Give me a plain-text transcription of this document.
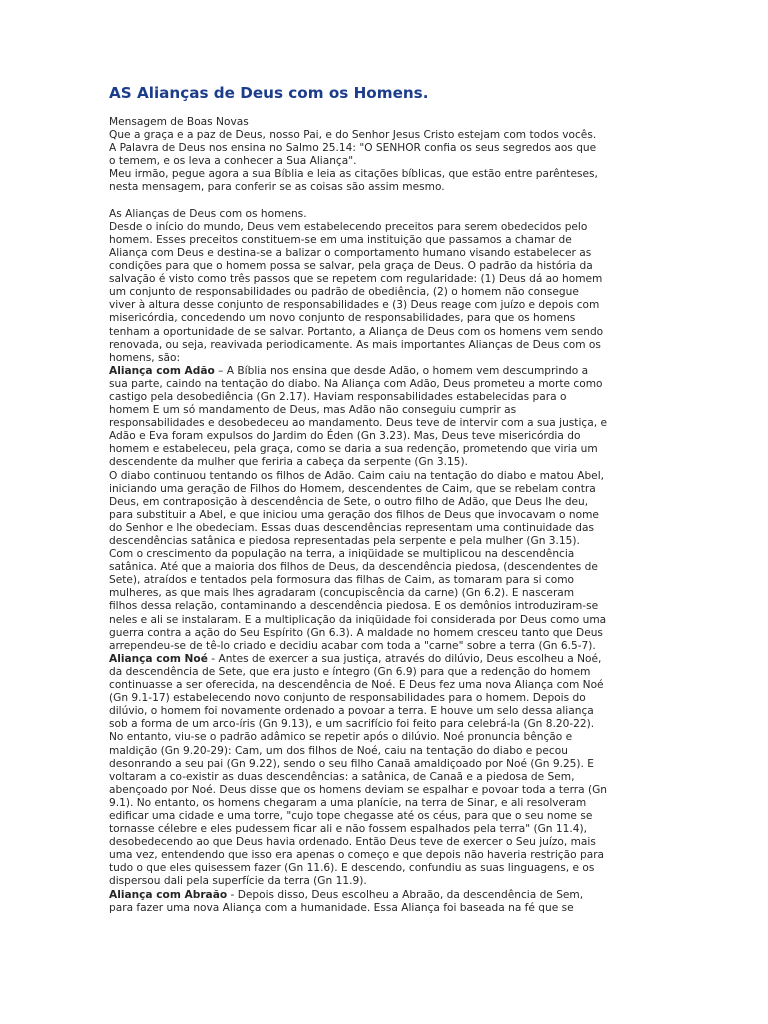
AS Alianças de Deus com os Homens.
Mensagem de Boas Novas
Que a graça e a paz de Deus, nosso Pai, e do Senhor Jesus Cristo estejam com todos vocês.
A Palavra de Deus nos ensina no Salmo 25.14: "O SENHOR confia os seus segredos aos que
o temem, e os leva a conhecer a Sua Aliança".
Meu irmão, pegue agora a sua Bíblia e leia as citações bíblicas, que estão entre parênteses,
nesta mensagem, para conferir se as coisas são assim mesmo.
As Alianças de Deus com os homens.
Desde o início do mundo, Deus vem estabelecendo preceitos para serem obedecidos pelo
homem. Esses preceitos constituem-se em uma instituição que passamos a chamar de
Aliança com Deus e destina-se a balizar o comportamento humano visando estabelecer as
condições para que o homem possa se salvar, pela graça de Deus. O padrão da história da
salvação é visto como três passos que se repetem com regularidade: (1) Deus dá ao homem
um conjunto de responsabilidades ou padrão de obediência, (2) o homem não consegue
viver à altura desse conjunto de responsabilidades e (3) Deus reage com juízo e depois com
misericórdia, concedendo um novo conjunto de responsabilidades, para que os homens
tenham a oportunidade de se salvar. Portanto, a Aliança de Deus com os homens vem sendo
renovada, ou seja, reavivada periodicamente. As mais importantes Alianças de Deus com os
homens, são:
Aliança com Adão – A Bíblia nos ensina que desde Adão, o homem vem descumprindo a
sua parte, caindo na tentação do diabo. Na Aliança com Adão, Deus prometeu a morte como
castigo pela desobediência (Gn 2.17). Haviam responsabilidades estabelecidas para o
homem E um só mandamento de Deus, mas Adão não conseguiu cumprir as
responsabilidades e desobedeceu ao mandamento. Deus teve de intervir com a sua justiça, e
Adão e Eva foram expulsos do Jardim do Éden (Gn 3.23). Mas, Deus teve misericórdia do
homem e estabeleceu, pela graça, como se daria a sua redenção, prometendo que viria um
descendente da mulher que feriria a cabeça da serpente (Gn 3.15).
O diabo continuou tentando os filhos de Adão. Caim caiu na tentação do diabo e matou Abel,
iniciando uma geração de Filhos do Homem, descendentes de Caim, que se rebelam contra
Deus, em contraposição à descendência de Sete, o outro filho de Adão, que Deus lhe deu,
para substituir a Abel, e que iniciou uma geração dos filhos de Deus que invocavam o nome
do Senhor e lhe obedeciam. Essas duas descendências representam uma continuidade das
descendências satânica e piedosa representadas pela serpente e pela mulher (Gn 3.15).
Com o crescimento da população na terra, a iniqüidade se multiplicou na descendência
satânica. Até que a maioria dos filhos de Deus, da descendência piedosa, (descendentes de
Sete), atraídos e tentados pela formosura das filhas de Caim, as tomaram para si como
mulheres, as que mais lhes agradaram (concupiscência da carne) (Gn 6.2). E nasceram
filhos dessa relação, contaminando a descendência piedosa. E os demônios introduziram-se
neles e ali se instalaram. E a multiplicação da iniqüidade foi considerada por Deus como uma
guerra contra a ação do Seu Espírito (Gn 6.3). A maldade no homem cresceu tanto que Deus
arrependeu-se de tê-lo criado e decidiu acabar com toda a "carne" sobre a terra (Gn 6.5-7).
Aliança com Noé - Antes de exercer a sua justiça, através do dilúvio, Deus escolheu a Noé,
da descendência de Sete, que era justo e íntegro (Gn 6.9) para que a redenção do homem
continuasse a ser oferecida, na descendência de Noé. E Deus fez uma nova Aliança com Noé
(Gn 9.1-17) estabelecendo novo conjunto de responsabilidades para o homem. Depois do
dilúvio, o homem foi novamente ordenado a povoar a terra. E houve um selo dessa aliança
sob a forma de um arco-íris (Gn 9.13), e um sacrifício foi feito para celebrá-la (Gn 8.20-22).
No entanto, viu-se o padrão adâmico se repetir após o dilúvio. Noé pronuncia bênção e
maldição (Gn 9.20-29): Cam, um dos filhos de Noé, caiu na tentação do diabo e pecou
desonrando a seu pai (Gn 9.22), sendo o seu filho Canaã amaldiçoado por Noé (Gn 9.25). E
voltaram a co-existir as duas descendências: a satânica, de Canaã e a piedosa de Sem,
abençoado por Noé. Deus disse que os homens deviam se espalhar e povoar toda a terra (Gn
9.1). No entanto, os homens chegaram a uma planície, na terra de Sinar, e ali resolveram
edificar uma cidade e uma torre, "cujo tope chegasse até os céus, para que o seu nome se
tornasse célebre e eles pudessem ficar ali e não fossem espalhados pela terra" (Gn 11.4),
desobedecendo ao que Deus havia ordenado. Então Deus teve de exercer o Seu juízo, mais
uma vez, entendendo que isso era apenas o começo e que depois não haveria restrição para
tudo o que eles quisessem fazer (Gn 11.6). E descendo, confundiu as suas linguagens, e os
dispersou dali pela superfície da terra (Gn 11.9).
Aliança com Abraão - Depois disso, Deus escolheu a Abraão, da descendência de Sem,
para fazer uma nova Aliança com a humanidade. Essa Aliança foi baseada na fé que se
